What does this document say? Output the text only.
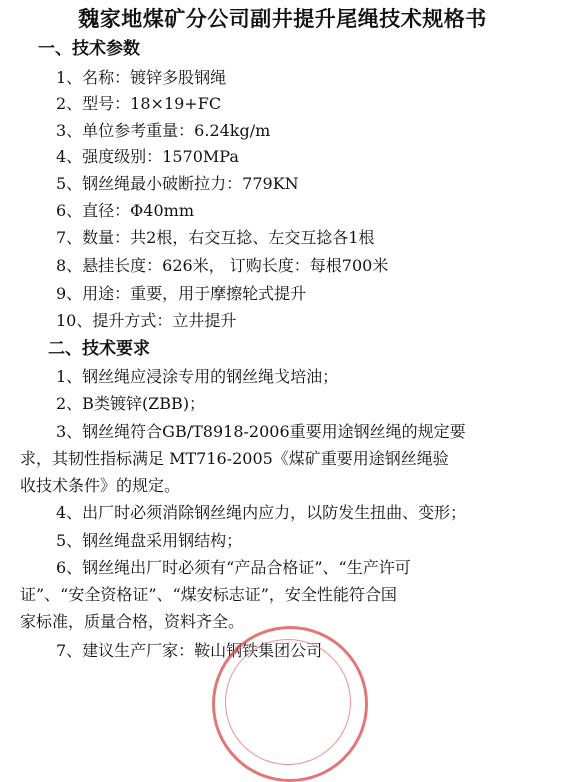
魏家地煤矿分公司副井提升尾绳技术规格书
一、技术参数
1、名称：镀锌多股钢绳
2、型号：18×19+FC
3、单位参考重量：6.24kg/m
4、强度级别：1570MPa
5、钢丝绳最小破断拉力：779KN
6、直径：Φ40mm
7、数量：共2根，右交互捻、左交互捻各1根
8、悬挂长度：626米， 订购长度：每根700米
9、用途：重要，用于摩擦轮式提升
10、提升方式：立井提升
二、技术要求
1、钢丝绳应浸涂专用的钢丝绳戈培油；
2、B类镀锌(ZBB)；
3、钢丝绳符合GB/T8918-2006重要用途钢丝绳的规定要
求，其韧性指标满足 MT716-2005《煤矿重要用途钢丝绳验
收技术条件》的规定。
4、出厂时必须消除钢丝绳内应力，以防发生扭曲、变形；
5、钢丝绳盘采用钢结构；
6、钢丝绳出厂时必须有“产品合格证”、“生产许可
证”、“安全资格证”、“煤安标志证”，安全性能符合国
家标准，质量合格，资料齐全。
7、建议生产厂家：鞍山钢铁集团公司
